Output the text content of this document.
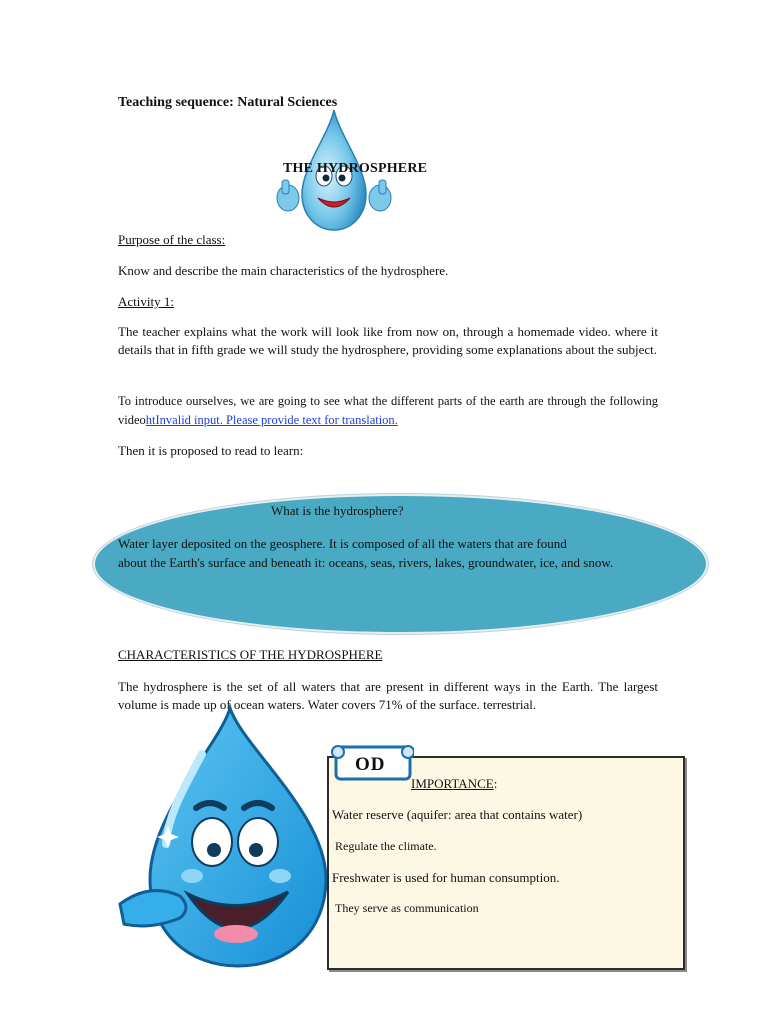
Teaching sequence: Natural Sciences
THE HYDROSPHERE
Purpose of the class:
Know and describe the main characteristics of the hydrosphere.
Activity 1:
The teacher explains what the work will look like from now on, through a homemade video. where it details that in fifth grade we will study the hydrosphere, providing some explanations about the subject.
To introduce ourselves, we are going to see what the different parts of the earth are through the following videohtInvalid input. Please provide text for translation.
Then it is proposed to read to learn:
What is the hydrosphere?
Water layer deposited on the geosphere. It is composed of all the waters that are found
about the Earth's surface and beneath it: oceans, seas, rivers, lakes, groundwater, ice, and snow.
CHARACTERISTICS OF THE HYDROSPHERE
The hydrosphere is the set of all waters that are present in different ways in the Earth. The largest volume is made up of ocean waters. Water covers 71% of the surface. terrestrial.
OD
IMPORTANCE:
Water reserve (aquifer: area that contains water)
Regulate the climate.
Freshwater is used for human consumption.
They serve as communication
